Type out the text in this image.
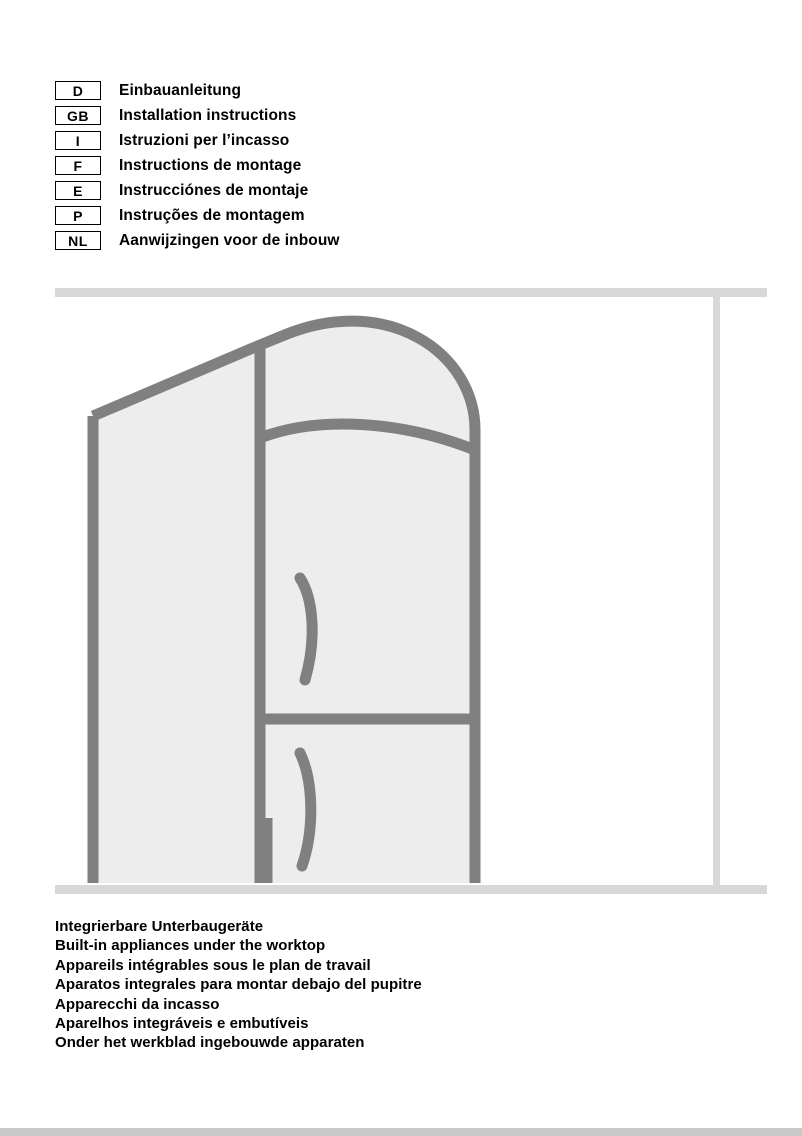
D	Einbauanleitung
GB	Installation instructions
I	Istruzioni per l’incasso
F	Instructions de montage
E	Instrucciónes de montaje
P	Instruções de montagem
NL	Aanwijzingen voor de inbouw
Integrierbare Unterbaugeräte
Built-in appliances under the worktop
Appareils intégrables sous le plan de travail
Aparatos integrales para montar debajo del pupitre
Apparecchi da incasso
Aparelhos integráveis e embutíveis
Onder het werkblad ingebouwde apparaten
